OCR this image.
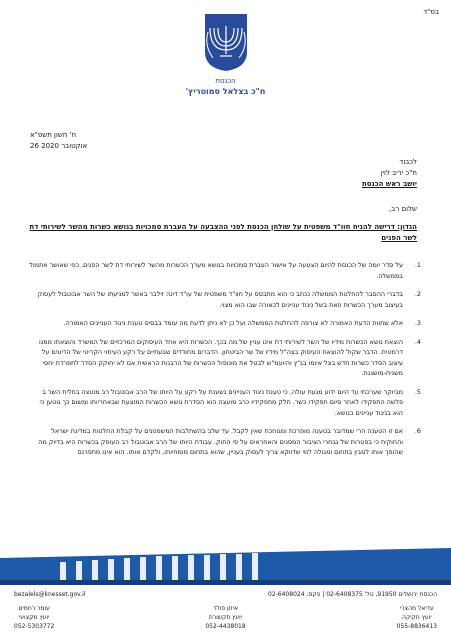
בס"ד
הכנסת
ח"כ בצלאל סמוטריץ'
ח' חשון תשפ"א
26 אוקטובר 2020
לכבוד
ח"כ יריב לוין
יושב ראש הכנסת
שלום רב,
הנדון: דרישה להניח חוו"ד משפטית על שולחן הכנסת לפני ההצבעה על העברת סמכויות בנושא כשרות מהשר לשירותי דת לשר הפנים
1.
על סדר יומה של הכנסת להיום הצעעה על אישור העברת סמכויות בנושא מערך הכשרות מהשר לשירותי דת לשר הפנים, כפי שאושר אתמול בממשלה.
2.
בדברי ההסבר להחלטת הממשלה נכתב כי הוא מתבסס על חוו"ד משפטית של עו"ד דינה זילבר באשר למניעתו של השר אבוטבול לעסוק בעיצוב מערך הכשרות וזאת בשל ניגוד עניינים לכאורה שבו הוא מצוי.
3.
אלא שחוות הדעת האמורה לא צורפה להחלטת הממשלה ועל כן לא ניתן לדעת מה עומד בבסיס טענת ניגוד העניינים האמורה.
4.
הוצאת נושא הכשרות מידיו של השר לשירותי דת אינו עניין של מה בכך. הכשרות היא אחד העיסוקים המרכזיים של המשרד והוצאתו ממנו דרמטית. הדבר שקול להוצאת העיסוק בצה"ל מידיו של שר הביטחון. הדברים מחודדים שבעתיים על רקע העיתוי הקריטי של הדיונים על עיצוב הסדר כשרות חדש בצל איומו בג"ץ והיועמ"ש לבטל את מונופול הכשרות של הרבנות הראשית אם לא יחוקק הסדר לתפרדת יחסי משנית-מושגנת.
5.
מביוקר שערכתי עד היום ידוע מגעת עולה, כי טענת ניגוד העניינים נשענת על רקע על היותו של הרב אבוטבול רב מוטצה בחלית השר ב פלשה התפקידו לאחר סיום תפקידו כשר. חלק מתפקידיו כרב מועצה הוא הסדרת נושא הכשרות המוצעת שבאחריותו ומשום כך נוטען כי הוא בניגוד עניינים בנושא.
6.
אם זו הטענה הרי שמדובר בטענה מופרכת ומגוחכת שאין לקבל. עד שלב בהשתלבות המשפטנים על קבלת החלטות במדינת ישראל והחוקית כי בפטרות של נבחרי הציבור המסנים והאחראים על פי החוק. עבודת היותו של הרב אבוטבול רב העוסק בכשרות היא בדיוק מה שהופך אותו למבין בתחום ומגולה למי שדווקא צריך לעסוק בעניין, שהוא בתחום מומחיותו, ולקדם אותו. הוא אינו מתפרנס
bezalels@knesset.gov.il	הכנסת ירושלים 91950, טל' 02-6408375 | פקס: 02-6408024
עדיאל מהצרי
יועץ חקיקה
055-8836413
איתן פולד
יועץ תקשורת
052-4438018
עומר רחמים
יועץ מקצועי
052-5303772
